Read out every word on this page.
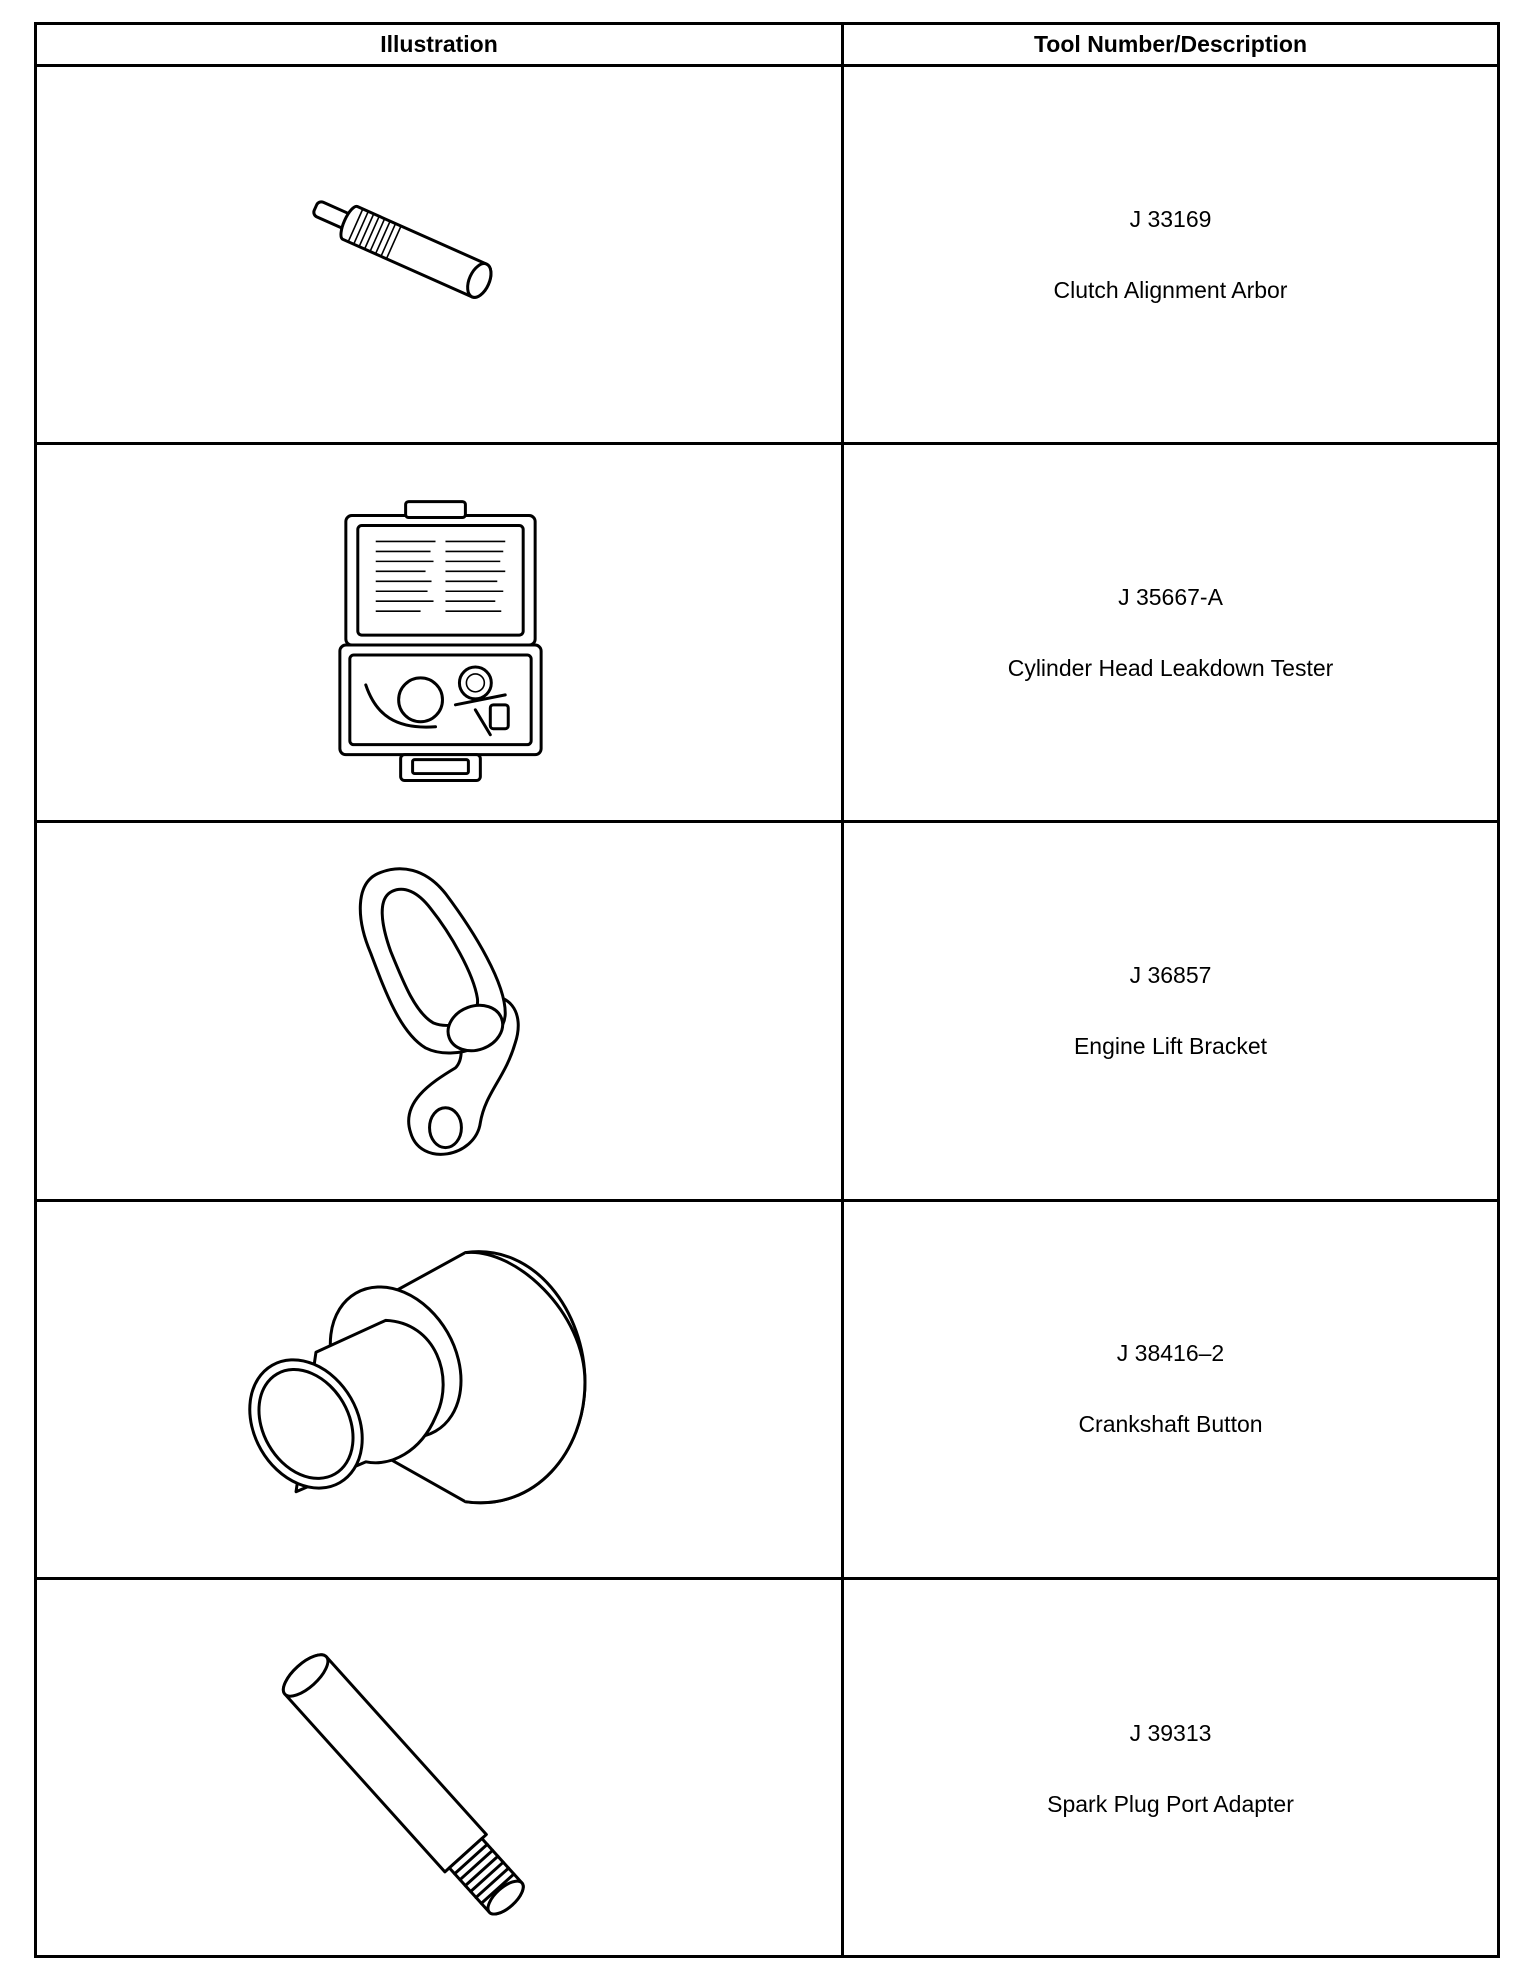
Illustration	Tool Number/Description
J 33169
Clutch Alignment Arbor
J 35667-A
Cylinder Head Leakdown Tester
J 36857
Engine Lift Bracket
J 38416–2
Crankshaft Button
J 39313
Spark Plug Port Adapter
